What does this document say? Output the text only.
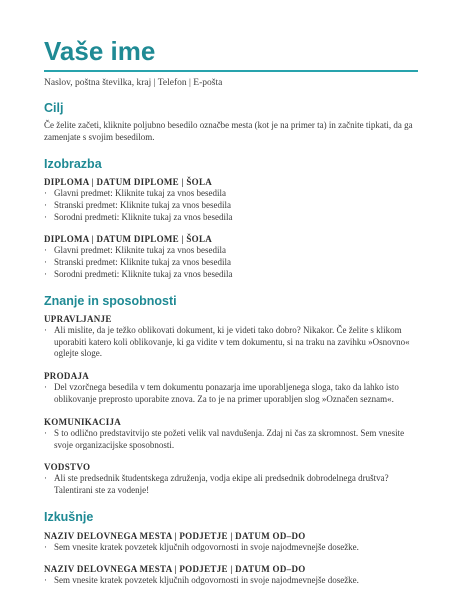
Vaše ime
Naslov, poštna številka, kraj | Telefon | E-pošta
Cilj
Če želite začeti, kliknite poljubno besedilo označbe mesta (kot je na primer ta) in začnite tipkati, da ga zamenjate s svojim besedilom.
Izobrazba
DIPLOMA | DATUM DIPLOME | ŠOLA
· Glavni predmet: Kliknite tukaj za vnos besedila
· Stranski predmet: Kliknite tukaj za vnos besedila
· Sorodni predmeti: Kliknite tukaj za vnos besedila
DIPLOMA | DATUM DIPLOME | ŠOLA
· Glavni predmet: Kliknite tukaj za vnos besedila
· Stranski predmet: Kliknite tukaj za vnos besedila
· Sorodni predmeti: Kliknite tukaj za vnos besedila
Znanje in sposobnosti
UPRAVLJANJE
· Ali mislite, da je težko oblikovati dokument, ki je videti tako dobro? Nikakor. Če želite s klikom uporabiti katero koli oblikovanje, ki ga vidite v tem dokumentu, si na traku na zavihku »Osnovno« oglejte sloge.
PRODAJA
· Del vzorčnega besedila v tem dokumentu ponazarja ime uporabljenega sloga, tako da lahko isto oblikovanje preprosto uporabite znova. Za to je na primer uporabljen slog »Označen seznam«.
KOMUNIKACIJA
· S to odlično predstavitvijo ste požeti velik val navdušenja. Zdaj ni čas za skromnost. Sem vnesite svoje organizacijske sposobnosti.
VODSTVO
· Ali ste predsednik študentskega združenja, vodja ekipe ali predsednik dobrodelnega društva? Talentirani ste za vodenje!
Izkušnje
NAZIV DELOVNEGA MESTA | PODJETJE | DATUM OD–DO
· Sem vnesite kratek povzetek ključnih odgovornosti in svoje najodmevnejše dosežke.
NAZIV DELOVNEGA MESTA | PODJETJE | DATUM OD–DO
· Sem vnesite kratek povzetek ključnih odgovornosti in svoje najodmevnejše dosežke.
